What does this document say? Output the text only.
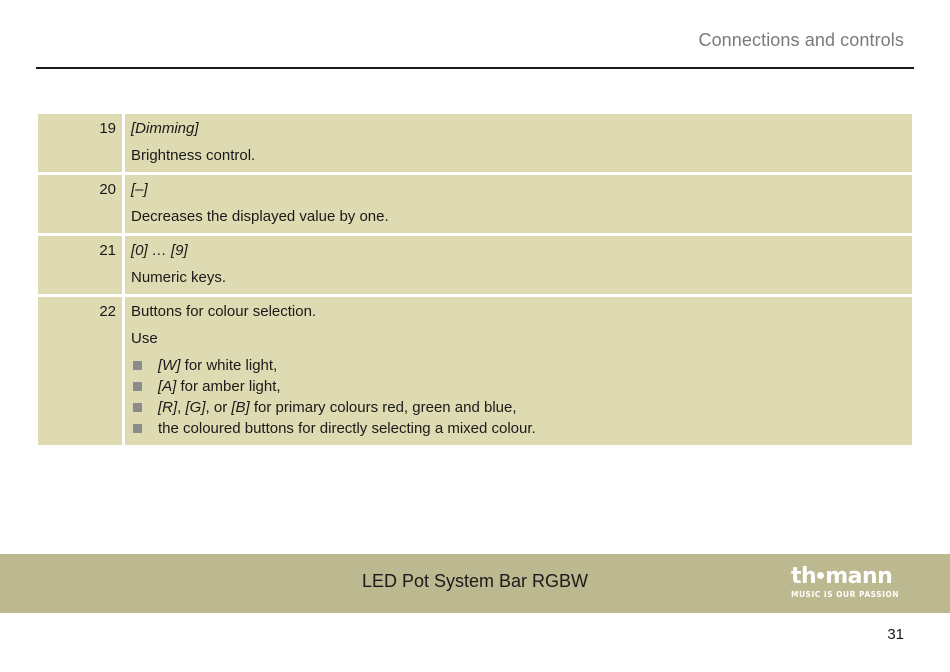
Connections and controls
19	[Dimming]

Brightness control.

20	[–]

Decreases the displayed value by one.

21	[0] … [9]

Numeric keys.

22	Buttons for colour selection.

Use

[W] for white light,
[A] for amber light,
[R], [G], or [B] for primary colours red, green and blue,
the coloured buttons for directly selecting a mixed colour.
LED Pot System Bar RGBW	th mann
MUSIC IS OUR PASSION
31
